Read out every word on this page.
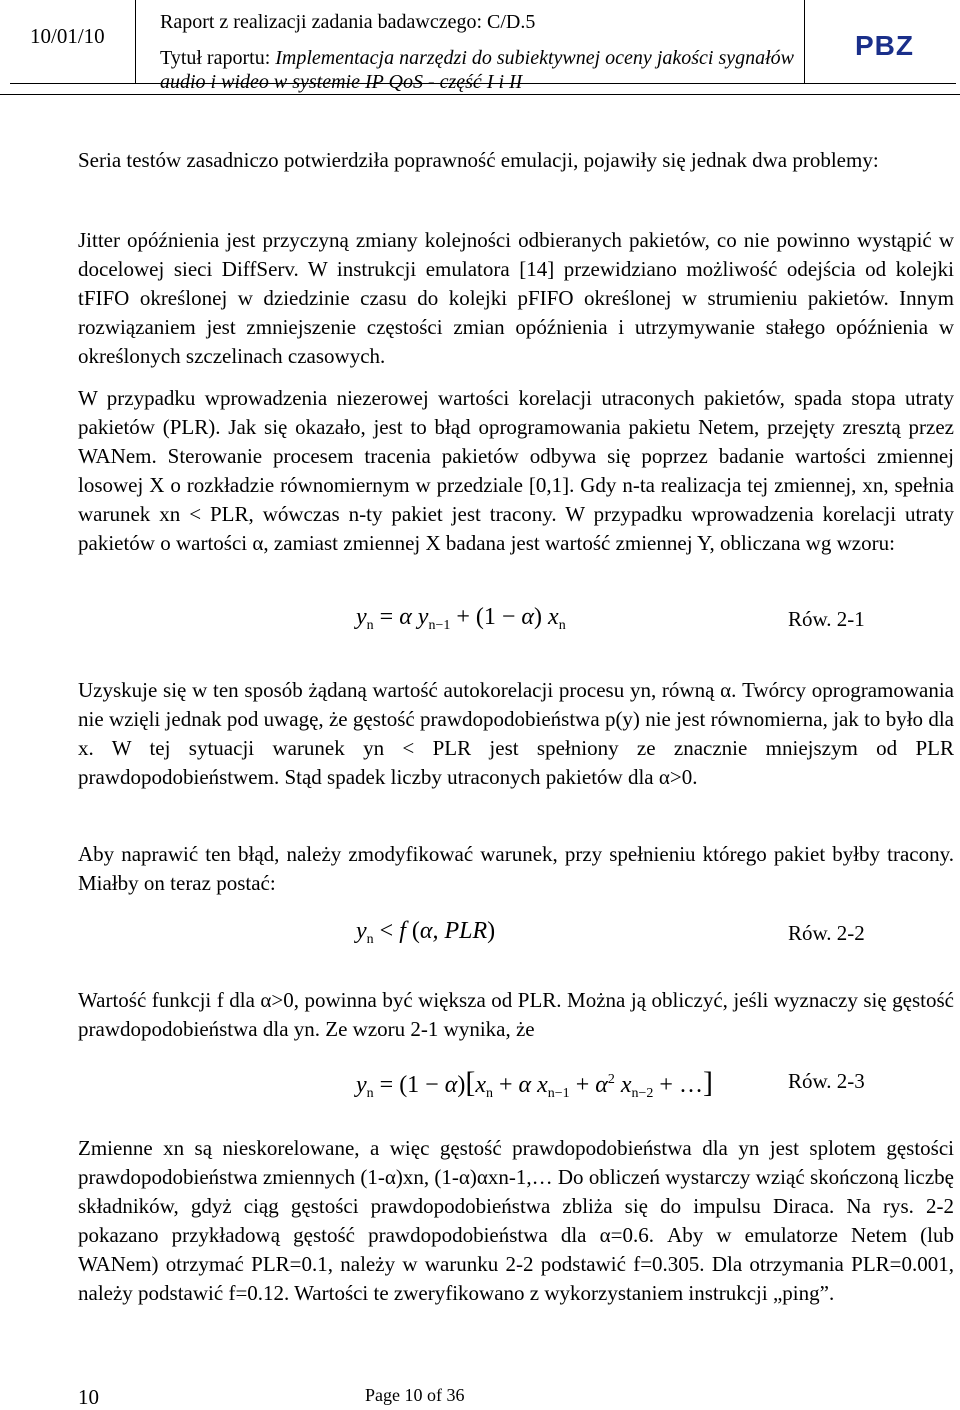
10/01/10
Raport z realizacji zadania badawczego: C/D.5
Tytuł raportu: Implementacja narzędzi do subiektywnej oceny jakości sygnałów audio i wideo w systemie IP QoS - część I i II
PBZ
Seria testów zasadniczo potwierdziła poprawność emulacji, pojawiły się jednak dwa problemy:
Jitter opóźnienia jest przyczyną zmiany kolejności odbieranych pakietów, co nie powinno wystąpić w docelowej sieci DiffServ. W instrukcji emulatora [14] przewidziano możliwość odejścia od kolejki tFIFO określonej w dziedzinie czasu do kolejki pFIFO określonej w strumieniu pakietów. Innym rozwiązaniem jest zmniejszenie częstości zmian opóźnienia i utrzymywanie stałego opóźnienia w określonych szczelinach czasowych.
W przypadku wprowadzenia niezerowej wartości korelacji utraconych pakietów, spada stopa utraty pakietów (PLR). Jak się okazało, jest to błąd oprogramowania pakietu Netem, przejęty zresztą przez WANem. Sterowanie procesem tracenia pakietów odbywa się poprzez badanie wartości zmiennej losowej X o rozkładzie równomiernym w przedziale [0,1]. Gdy n-ta realizacja tej zmiennej, xn, spełnia warunek xn < PLR, wówczas n-ty pakiet jest tracony. W przypadku wprowadzenia korelacji utraty pakietów o wartości α, zamiast zmiennej X badana jest wartość zmiennej Y, obliczana wg wzoru:
$y_n = \alpha$ $y_{n-1} + (1 - \alpha)$ $x_n$	Rów. 2-1
Uzyskuje się w ten sposób żądaną wartość autokorelacji procesu yn, równą α. Twórcy oprogramowania nie wzięli jednak pod uwagę, że gęstość prawdopodobieństwa p(y) nie jest równomierna, jak to było dla x. W tej sytuacji warunek yn < PLR jest spełniony ze znacznie mniejszym od PLR prawdopodobieństwem. Stąd spadek liczby utraconych pakietów dla α>0.
Aby naprawić ten błąd, należy zmodyfikować warunek, przy spełnieniu którego pakiet byłby tracony. Miałby on teraz postać:
$y_n < f$ (α, PLR)	Rów. 2-2
Wartość funkcji f dla α>0, powinna być większa od PLR. Można ją obliczyć, jeśli wyznaczy się gęstość prawdopodobieństwa dla yn. Ze wzoru 2-1 wynika, że
$y_n = (1 - \alpha)[x_n + \alpha$ $x_{n-1} + \alpha^2$ $x_{n-2}$ + …]	Rów. 2-3
Zmienne xn są nieskorelowane, a więc gęstość prawdopodobieństwa dla yn jest splotem gęstości prawdopodobieństwa zmiennych (1-α)xn, (1-α)αxn-1,… Do obliczeń wystarczy wziąć skończoną liczbę składników, gdyż ciąg gęstości prawdopodobieństwa zbliża się do impulsu Diraca. Na rys. 2-2 pokazano przykładową gęstość prawdopodobieństwa dla α=0.6. Aby w emulatorze Netem (lub WANem) otrzymać PLR=0.1, należy w warunku 2-2 podstawić f=0.305. Dla otrzymania PLR=0.001, należy podstawić f=0.12. Wartości te zweryfikowano z wykorzystaniem instrukcji „ping”.
10	Page 10 of 36
